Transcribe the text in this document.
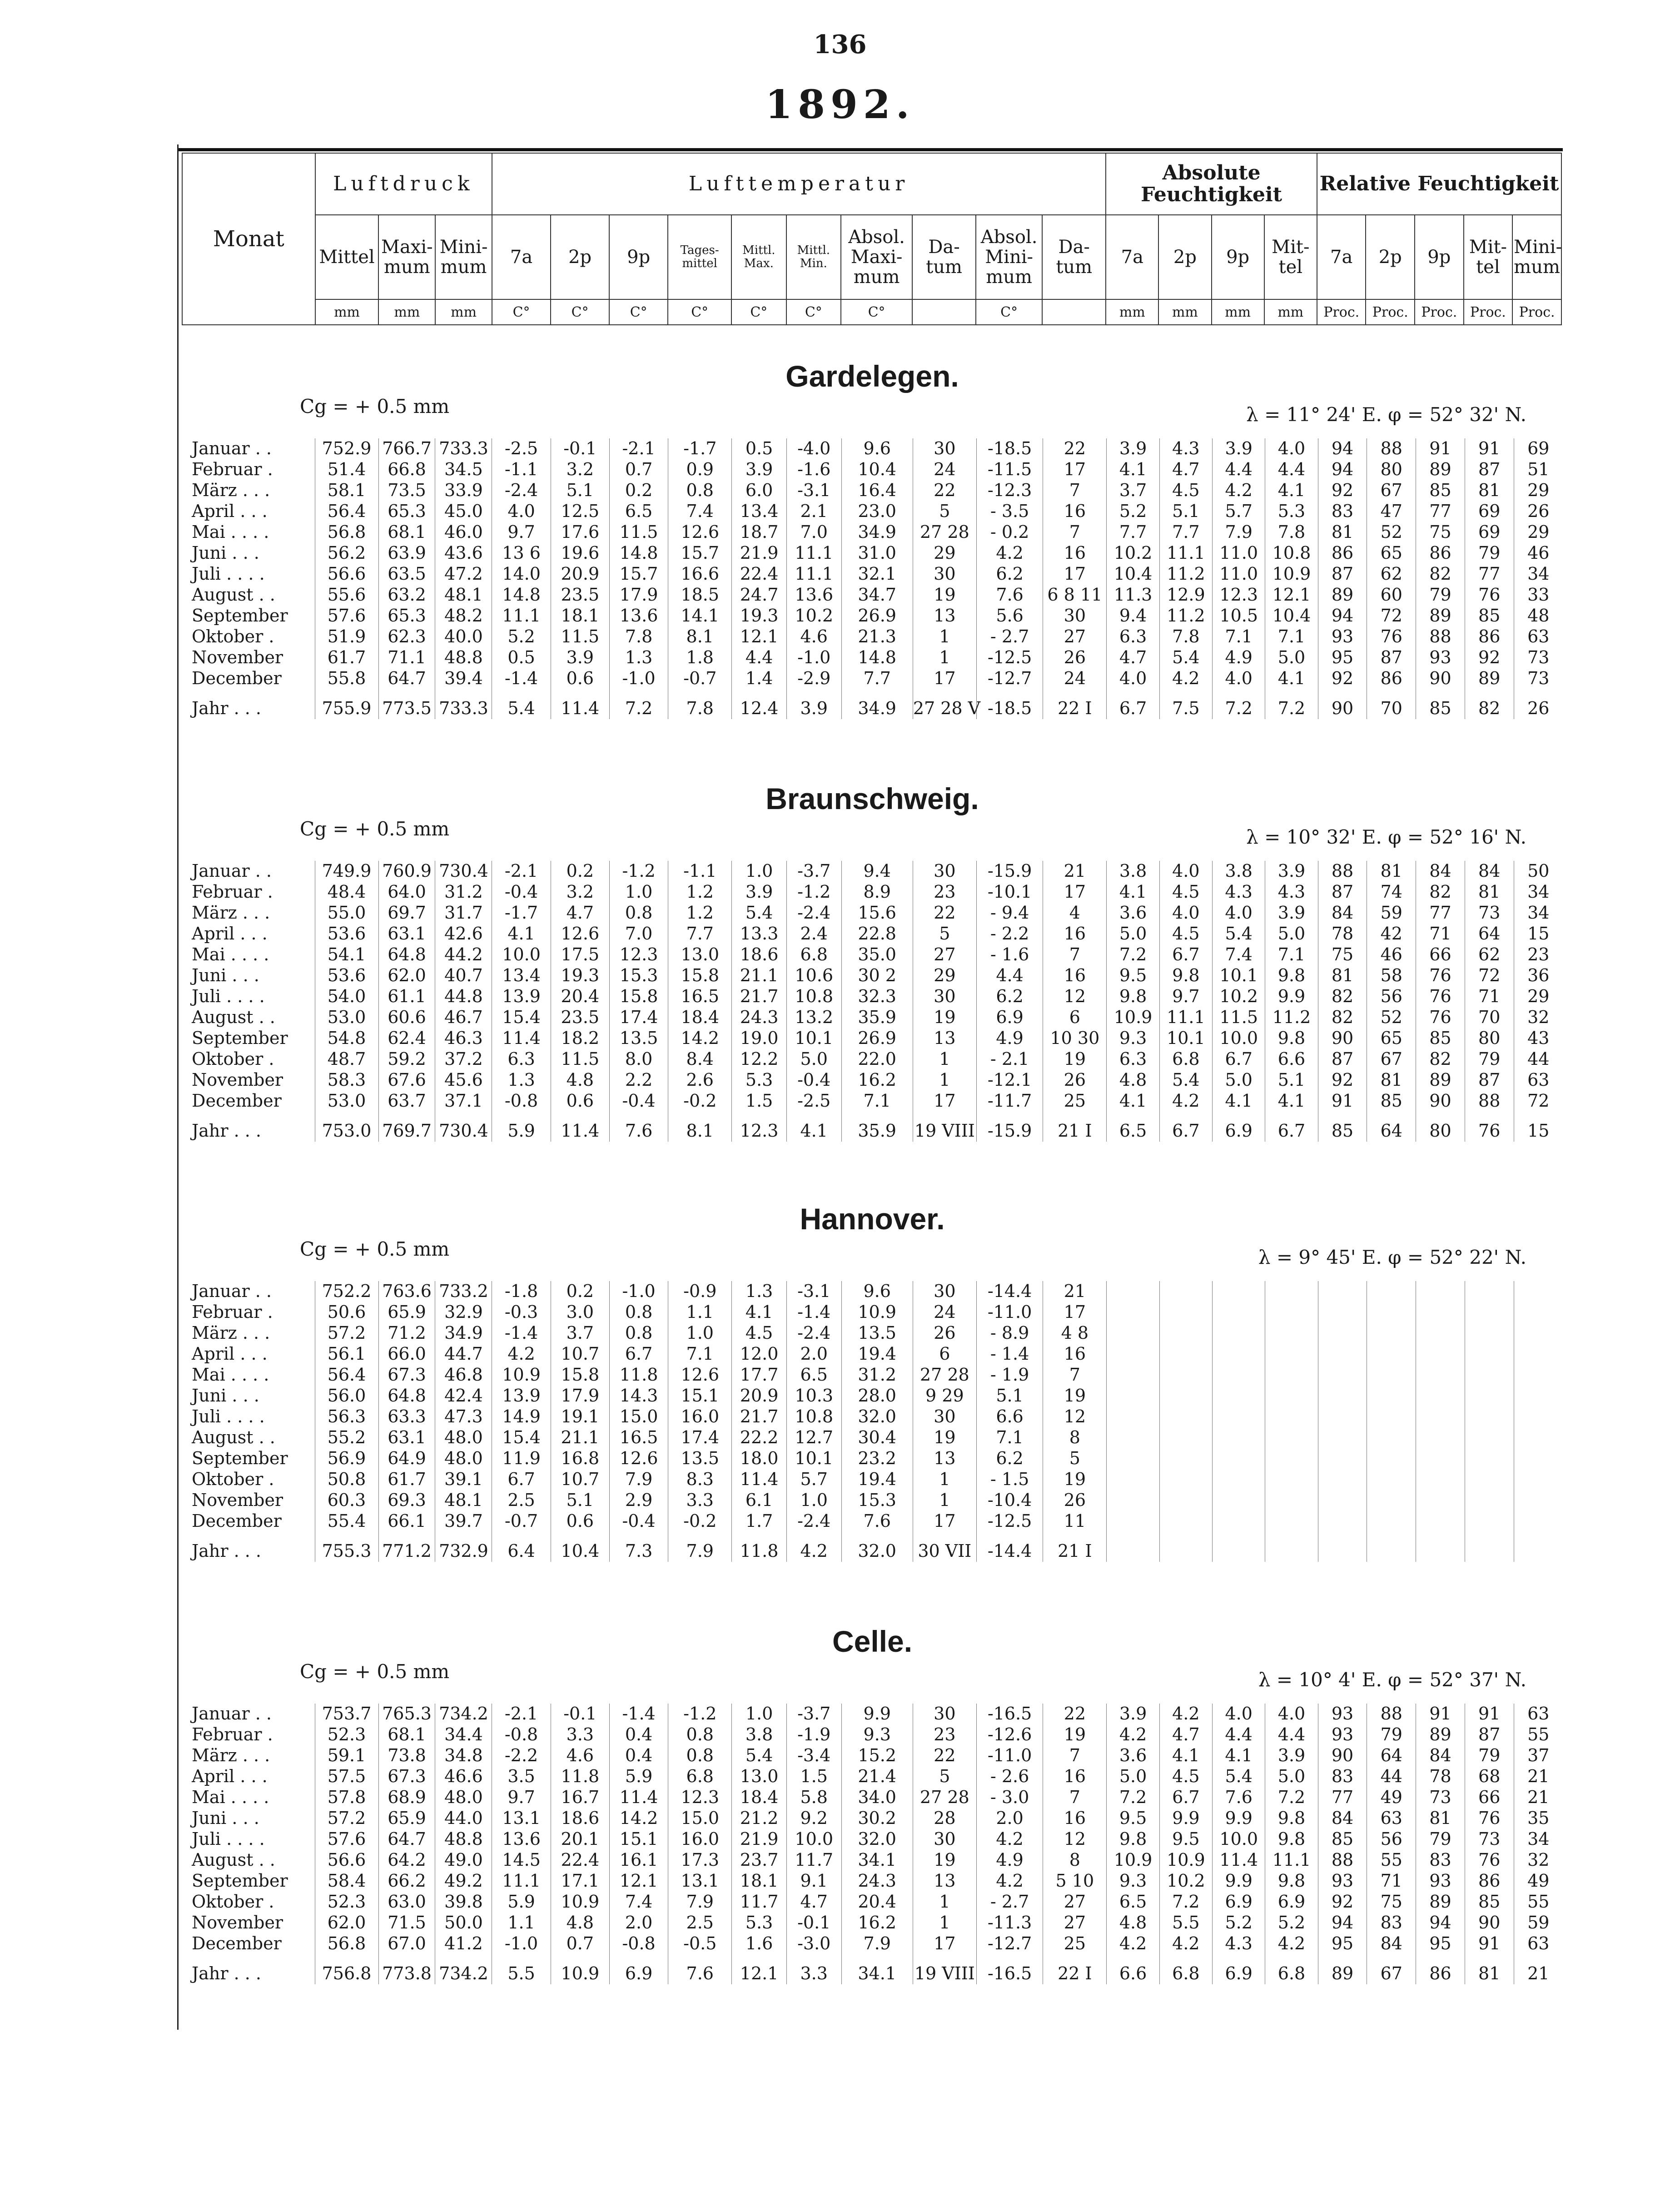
136
1892.
Monat	Luftdruck			Lufttemperatur										Absolute Feuchtigkeit				Relative Feuchtigkeit				
	Mittel	Maxi- mum	Mini- mum	7a	2p	9p	Tages- mittel	Mittl. Max.	Mittl. Min.	Absol. Maxi- mum	Da- tum	Absol. Mini- mum	Da- tum	7a	2p	9p	Mit- tel	7a	2p	9p	Mit- tel	Mini- mum
	mm	mm	mm	C°	C°	C°	C°	C°	C°	C°		C°		mm	mm	mm	mm	Proc.	Proc.	Proc.	Proc.	Proc.
Gardelegen.
Cg = + 0.5 mm	λ = 11° 24' E. φ = 52° 32' N.
Januar . .	752.9	766.7	733.3	-2.5	-0.1	-2.1	-1.7	0.5	-4.0	9.6	30	-18.5	22	3.9	4.3	3.9	4.0	94	88	91	91	69
Februar .	51.4	66.8	34.5	-1.1	3.2	0.7	0.9	3.9	-1.6	10.4	24	-11.5	17	4.1	4.7	4.4	4.4	94	80	89	87	51
März . . .	58.1	73.5	33.9	-2.4	5.1	0.2	0.8	6.0	-3.1	16.4	22	-12.3	7	3.7	4.5	4.2	4.1	92	67	85	81	29
April . . .	56.4	65.3	45.0	4.0	12.5	6.5	7.4	13.4	2.1	23.0	5	- 3.5	16	5.2	5.1	5.7	5.3	83	47	77	69	26
Mai . . . .	56.8	68.1	46.0	9.7	17.6	11.5	12.6	18.7	7.0	34.9	27 28	- 0.2	7	7.7	7.7	7.9	7.8	81	52	75	69	29
Juni . . .	56.2	63.9	43.6	13 6	19.6	14.8	15.7	21.9	11.1	31.0	29	4.2	16	10.2	11.1	11.0	10.8	86	65	86	79	46
Juli . . . .	56.6	63.5	47.2	14.0	20.9	15.7	16.6	22.4	11.1	32.1	30	6.2	17	10.4	11.2	11.0	10.9	87	62	82	77	34
August . .	55.6	63.2	48.1	14.8	23.5	17.9	18.5	24.7	13.6	34.7	19	7.6	6 8 11	11.3	12.9	12.3	12.1	89	60	79	76	33
September	57.6	65.3	48.2	11.1	18.1	13.6	14.1	19.3	10.2	26.9	13	5.6	30	9.4	11.2	10.5	10.4	94	72	89	85	48
Oktober .	51.9	62.3	40.0	5.2	11.5	7.8	8.1	12.1	4.6	21.3	1	- 2.7	27	6.3	7.8	7.1	7.1	93	76	88	86	63
November	61.7	71.1	48.8	0.5	3.9	1.3	1.8	4.4	-1.0	14.8	1	-12.5	26	4.7	5.4	4.9	5.0	95	87	93	92	73
December	55.8	64.7	39.4	-1.4	0.6	-1.0	-0.7	1.4	-2.9	7.7	17	-12.7	24	4.0	4.2	4.0	4.1	92	86	90	89	73
Jahr . . .	755.9	773.5	733.3	5.4	11.4	7.2	7.8	12.4	3.9	34.9	27 28 V	-18.5	22 I	6.7	7.5	7.2	7.2	90	70	85	82	26
Braunschweig.
Cg = + 0.5 mm	λ = 10° 32' E. φ = 52° 16' N.
Januar . .	749.9	760.9	730.4	-2.1	0.2	-1.2	-1.1	1.0	-3.7	9.4	30	-15.9	21	3.8	4.0	3.8	3.9	88	81	84	84	50
Februar .	48.4	64.0	31.2	-0.4	3.2	1.0	1.2	3.9	-1.2	8.9	23	-10.1	17	4.1	4.5	4.3	4.3	87	74	82	81	34
März . . .	55.0	69.7	31.7	-1.7	4.7	0.8	1.2	5.4	-2.4	15.6	22	- 9.4	4	3.6	4.0	4.0	3.9	84	59	77	73	34
April . . .	53.6	63.1	42.6	4.1	12.6	7.0	7.7	13.3	2.4	22.8	5	- 2.2	16	5.0	4.5	5.4	5.0	78	42	71	64	15
Mai . . . .	54.1	64.8	44.2	10.0	17.5	12.3	13.0	18.6	6.8	35.0	27	- 1.6	7	7.2	6.7	7.4	7.1	75	46	66	62	23
Juni . . .	53.6	62.0	40.7	13.4	19.3	15.3	15.8	21.1	10.6	30 2	29	4.4	16	9.5	9.8	10.1	9.8	81	58	76	72	36
Juli . . . .	54.0	61.1	44.8	13.9	20.4	15.8	16.5	21.7	10.8	32.3	30	6.2	12	9.8	9.7	10.2	9.9	82	56	76	71	29
August . .	53.0	60.6	46.7	15.4	23.5	17.4	18.4	24.3	13.2	35.9	19	6.9	6	10.9	11.1	11.5	11.2	82	52	76	70	32
September	54.8	62.4	46.3	11.4	18.2	13.5	14.2	19.0	10.1	26.9	13	4.9	10 30	9.3	10.1	10.0	9.8	90	65	85	80	43
Oktober .	48.7	59.2	37.2	6.3	11.5	8.0	8.4	12.2	5.0	22.0	1	- 2.1	19	6.3	6.8	6.7	6.6	87	67	82	79	44
November	58.3	67.6	45.6	1.3	4.8	2.2	2.6	5.3	-0.4	16.2	1	-12.1	26	4.8	5.4	5.0	5.1	92	81	89	87	63
December	53.0	63.7	37.1	-0.8	0.6	-0.4	-0.2	1.5	-2.5	7.1	17	-11.7	25	4.1	4.2	4.1	4.1	91	85	90	88	72
Jahr . . .	753.0	769.7	730.4	5.9	11.4	7.6	8.1	12.3	4.1	35.9	19 VIII	-15.9	21 I	6.5	6.7	6.9	6.7	85	64	80	76	15
Hannover.
Cg = + 0.5 mm	λ = 9° 45' E. φ = 52° 22' N.
Januar . .	752.2	763.6	733.2	-1.8	0.2	-1.0	-0.9	1.3	-3.1	9.6	30	-14.4	21									
Februar .	50.6	65.9	32.9	-0.3	3.0	0.8	1.1	4.1	-1.4	10.9	24	-11.0	17									
März . . .	57.2	71.2	34.9	-1.4	3.7	0.8	1.0	4.5	-2.4	13.5	26	- 8.9	4 8									
April . . .	56.1	66.0	44.7	4.2	10.7	6.7	7.1	12.0	2.0	19.4	6	- 1.4	16									
Mai . . . .	56.4	67.3	46.8	10.9	15.8	11.8	12.6	17.7	6.5	31.2	27 28	- 1.9	7									
Juni . . .	56.0	64.8	42.4	13.9	17.9	14.3	15.1	20.9	10.3	28.0	9 29	5.1	19									
Juli . . . .	56.3	63.3	47.3	14.9	19.1	15.0	16.0	21.7	10.8	32.0	30	6.6	12									
August . .	55.2	63.1	48.0	15.4	21.1	16.5	17.4	22.2	12.7	30.4	19	7.1	8									
September	56.9	64.9	48.0	11.9	16.8	12.6	13.5	18.0	10.1	23.2	13	6.2	5									
Oktober .	50.8	61.7	39.1	6.7	10.7	7.9	8.3	11.4	5.7	19.4	1	- 1.5	19									
November	60.3	69.3	48.1	2.5	5.1	2.9	3.3	6.1	1.0	15.3	1	-10.4	26									
December	55.4	66.1	39.7	-0.7	0.6	-0.4	-0.2	1.7	-2.4	7.6	17	-12.5	11									
Jahr . . .	755.3	771.2	732.9	6.4	10.4	7.3	7.9	11.8	4.2	32.0	30 VII	-14.4	21 I									
Celle.
Cg = + 0.5 mm	λ = 10° 4' E. φ = 52° 37' N.
Januar . .	753.7	765.3	734.2	-2.1	-0.1	-1.4	-1.2	1.0	-3.7	9.9	30	-16.5	22	3.9	4.2	4.0	4.0	93	88	91	91	63
Februar .	52.3	68.1	34.4	-0.8	3.3	0.4	0.8	3.8	-1.9	9.3	23	-12.6	19	4.2	4.7	4.4	4.4	93	79	89	87	55
März . . .	59.1	73.8	34.8	-2.2	4.6	0.4	0.8	5.4	-3.4	15.2	22	-11.0	7	3.6	4.1	4.1	3.9	90	64	84	79	37
April . . .	57.5	67.3	46.6	3.5	11.8	5.9	6.8	13.0	1.5	21.4	5	- 2.6	16	5.0	4.5	5.4	5.0	83	44	78	68	21
Mai . . . .	57.8	68.9	48.0	9.7	16.7	11.4	12.3	18.4	5.8	34.0	27 28	- 3.0	7	7.2	6.7	7.6	7.2	77	49	73	66	21
Juni . . .	57.2	65.9	44.0	13.1	18.6	14.2	15.0	21.2	9.2	30.2	28	2.0	16	9.5	9.9	9.9	9.8	84	63	81	76	35
Juli . . . .	57.6	64.7	48.8	13.6	20.1	15.1	16.0	21.9	10.0	32.0	30	4.2	12	9.8	9.5	10.0	9.8	85	56	79	73	34
August . .	56.6	64.2	49.0	14.5	22.4	16.1	17.3	23.7	11.7	34.1	19	4.9	8	10.9	10.9	11.4	11.1	88	55	83	76	32
September	58.4	66.2	49.2	11.1	17.1	12.1	13.1	18.1	9.1	24.3	13	4.2	5 10	9.3	10.2	9.9	9.8	93	71	93	86	49
Oktober .	52.3	63.0	39.8	5.9	10.9	7.4	7.9	11.7	4.7	20.4	1	- 2.7	27	6.5	7.2	6.9	6.9	92	75	89	85	55
November	62.0	71.5	50.0	1.1	4.8	2.0	2.5	5.3	-0.1	16.2	1	-11.3	27	4.8	5.5	5.2	5.2	94	83	94	90	59
December	56.8	67.0	41.2	-1.0	0.7	-0.8	-0.5	1.6	-3.0	7.9	17	-12.7	25	4.2	4.2	4.3	4.2	95	84	95	91	63
Jahr . . .	756.8	773.8	734.2	5.5	10.9	6.9	7.6	12.1	3.3	34.1	19 VIII	-16.5	22 I	6.6	6.8	6.9	6.8	89	67	86	81	21
